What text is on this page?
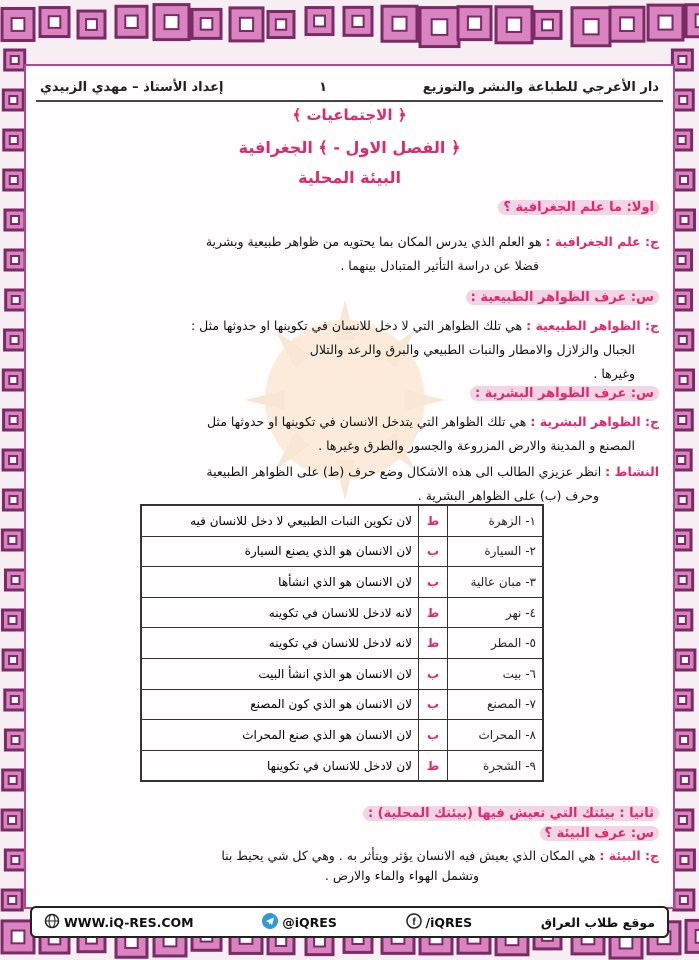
دار الأعرجي للطباعة والنشر والتوزيع
١
إعداد الأستاذ – مهدي الزبيدي
﴾ الاجتماعيات ﴿
الفصل الاول - ﴾ الجغرافية ﴿
البيئة المحلية
اولا: ما علم الجغرافية ؟
ج: علم الجغرافية : هو العلم الذي يدرس المكان بما يحتويه من ظواهر طبيعية وبشرية
فضلا عن دراسة التأثير المتبادل بينهما .
س: عرف الظواهر الطبيعية :
ج: الظواهر الطبيعية : هي تلك الظواهر التي لا دخل للانسان في تكوينها او حدوثها مثل :
الجبال والزلازل والامطار والنبات الطبيعي والبرق والرعد والتلال
وغيرها .
س: عرف الظواهر البشرية :
ج: الظواهر البشرية : هي تلك الظواهر التي يتدخل الانسان في تكوينها او حدوثها مثل
المصنع و المدينة والارض المزروعة والجسور والطرق وغيرها .
النشاط : انظر عزيزي الطالب الى هذه الاشكال وضع حرف (ط) على الظواهر الطبيعية
وحرف (ب) على الظواهر البشرية .
١- الزهرة	ط	لان تكوين النبات الطبيعي لا دخل للانسان فيه
٢- السيارة	ب	لان الانسان هو الذي يصنع السيارة
٣- مبان عالية	ب	لان الانسان هو الذي انشأها
٤- نهر	ط	لانه لادخل للانسان في تكوينه
٥- المطر	ط	لانه لادخل للانسان في تكوينه
٦- بيت	ب	لان الانسان هو الذي انشأ البيت
٧- المصنع	ب	لان الانسان هو الذي كون المصنع
٨- المحراث	ب	لان الانسان هو الذي صنع المحراث
٩- الشجرة	ط	لان لادخل للانسان في تكوينها
ثانيا : بيئتك التي تعيش فيها (بيئتك المحلية) :
س: عرف البيئة ؟
ج: البيئة : هي المكان الذي يعيش فيه الانسان يؤثر ويتأثر به . وهي كل شي يحيط بنا
وتشمل الهواء والماء والارض .
WWW.iQ-RES.COM	@iQRES	f /iQRES	موقع طلاب العراق
